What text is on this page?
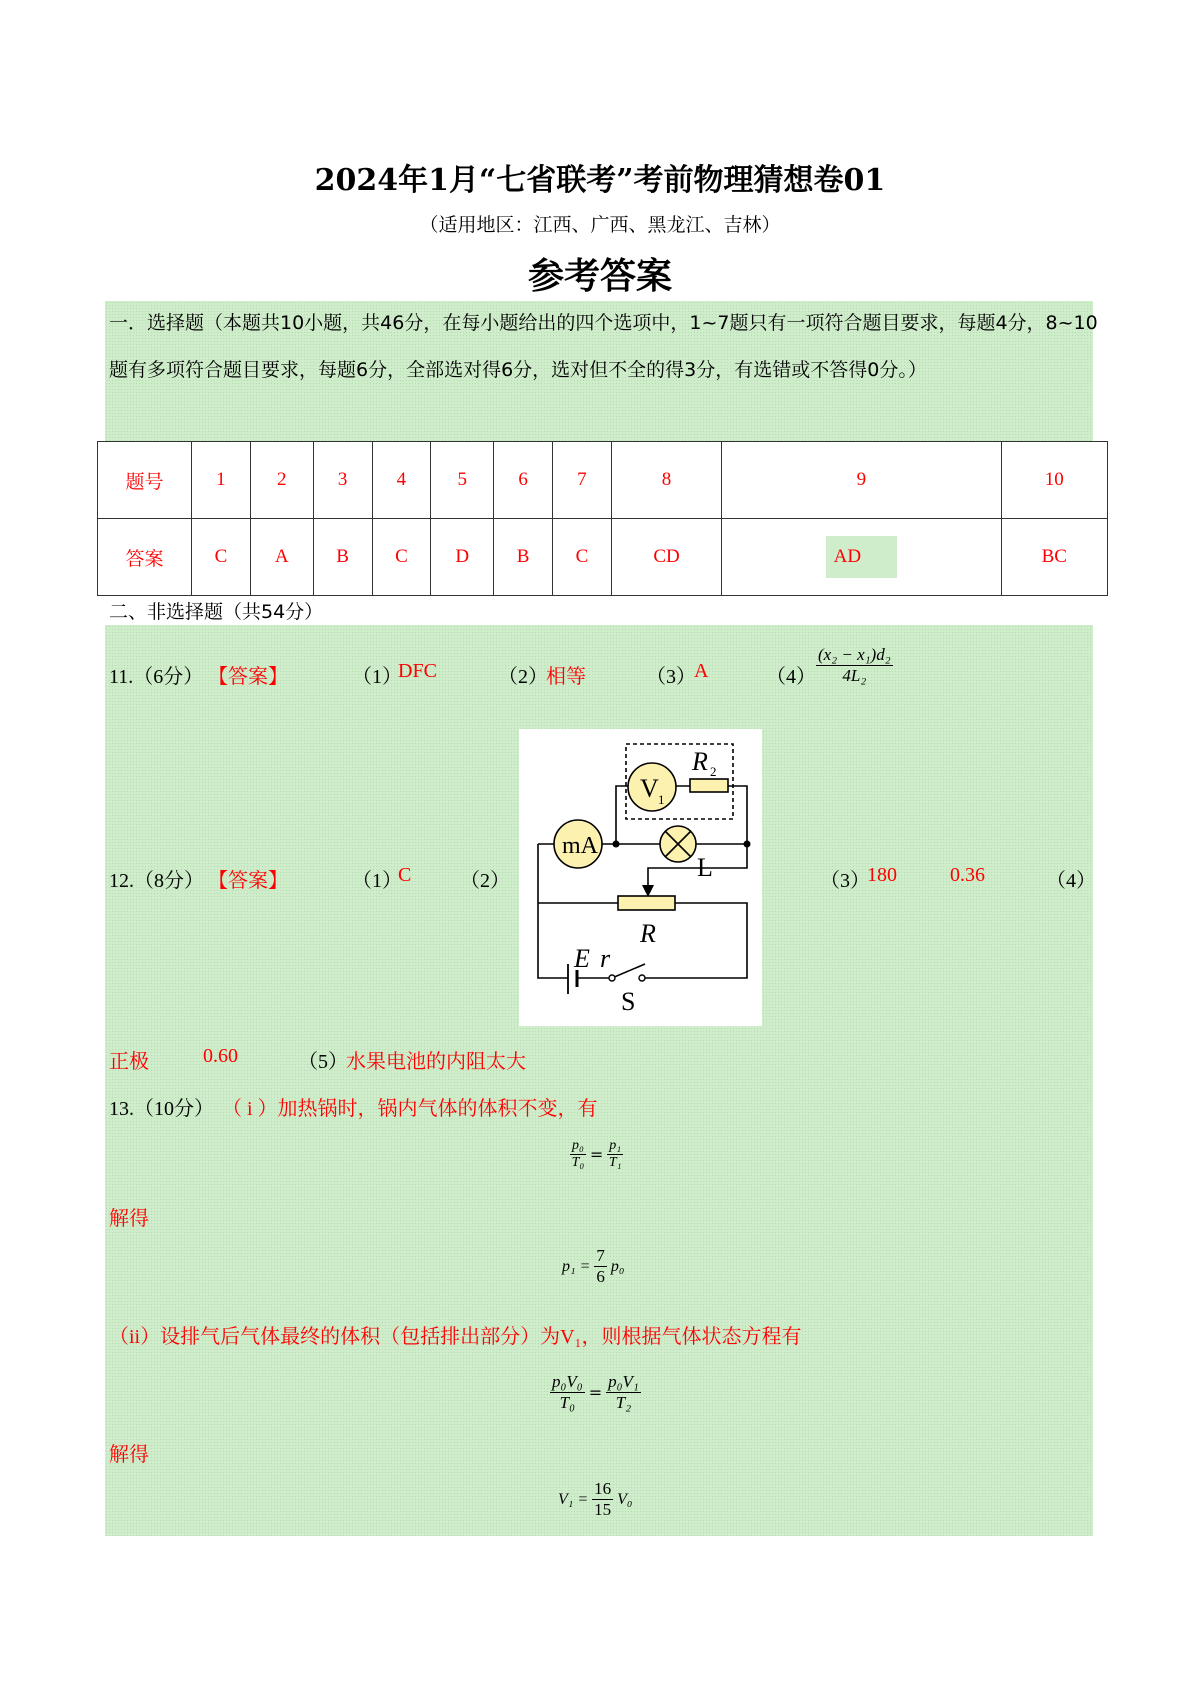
2024年1月“七省联考”考前物理猜想卷01
（适用地区：江西、广西、黑龙江、吉林）
参考答案
一．选择题（本题共10小题，共46分，在每小题给出的四个选项中，1~7题只有一项符合题目要求，每题4分，8~10题有多项符合题目要求，每题6分，全部选对得6分，选对但不全的得3分，有选错或不答得0分。）
题号	1	2	3	4	5	6	7	8	9	10
答案	C	A	B	C	D	B	C	CD	AD	BC
二、非选择题（共54分）
11.（6分） 【答案】	（1）
DFC	（2）
相等	（3）
A	$(4) \frac{\text{(x₂ − x₁)d₂}}{\text{4L₂}}$
mA
V 1
R 2
L
R
E r
S
12.（8分） 【答案】	（1）
C （2）	（3）
180	0.36	（4）
正极	0.60	（5）
水果电池的内阻太大
13.（10分） （ i ）加热锅时，锅内气体的体积不变，有
$\frac{\text{p₀}}{\text{T₀}} = \frac{\text{p₁}}{\text{T₁}}$
解得
$p_1 = \frac{7}{6} p_0$
（ii）设排气后气体最终的体积（包括排出部分）为V₁，则根据气体状态方程有
$\frac{\text{p₀V₀}}{\text{T₀}} = \frac{\text{p₀V₁}}{\text{T₂}}$
解得
$V_1 = \frac{16}{15} V_0$
